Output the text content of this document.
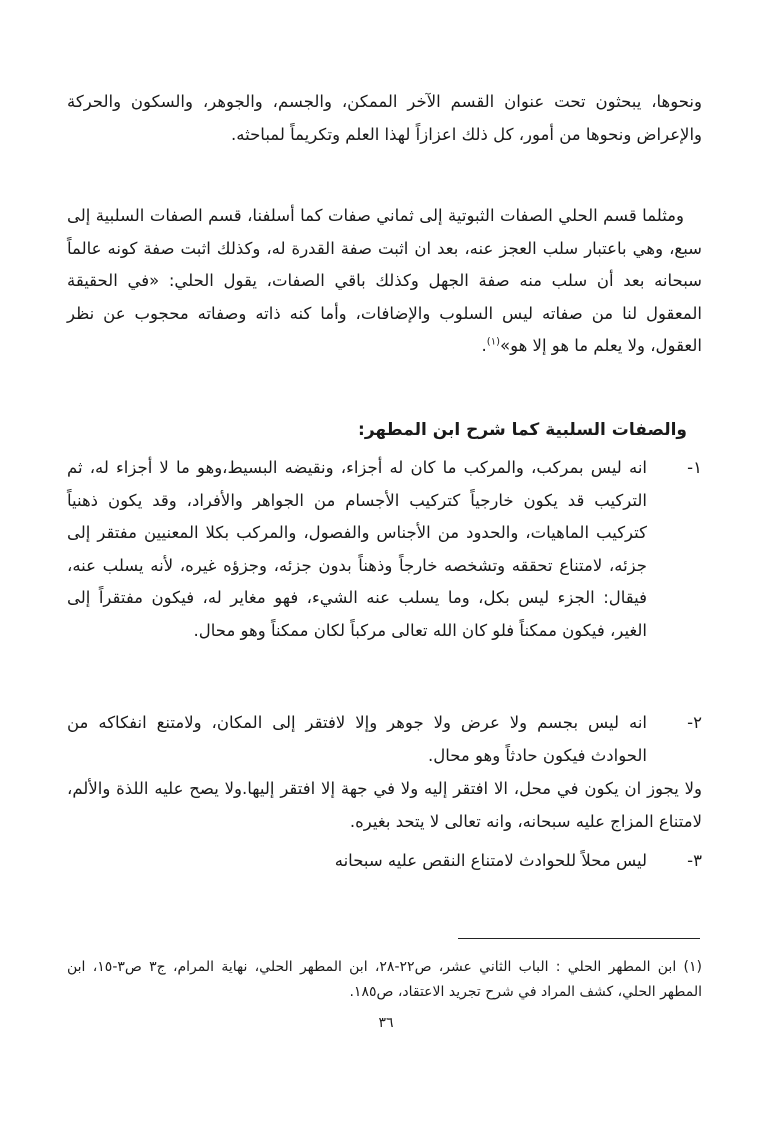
ونحوها، يبحثون تحت عنوان القسم الآخر الممكن، والجسم، والجوهر، والسكون والحركة والإعراض ونحوها من أمور، كل ذلك اعزازاً لهذا العلم وتكريماً لمباحثه.

ومثلما قسم الحلي الصفات الثبوتية إلى ثماني صفات كما أسلفنا، قسم الصفات السلبية إلى سبع، وهي باعتبار سلب العجز عنه، بعد ان اثبت صفة القدرة له، وكذلك اثبت صفة كونه عالماً سبحانه بعد أن سلب منه صفة الجهل وكذلك باقي الصفات، يقول الحلي: «في الحقيقة المعقول لنا من صفاته ليس السلوب والإضافات، وأما كنه ذاته وصفاته محجوب عن نظر العقول، ولا يعلم ما هو إلا هو»$^{(١)}$.

والصفات السلبية كما شرح ابن المطهر:

١-
انه ليس بمركب، والمركب ما كان له أجزاء، ونقيضه البسيط،وهو ما لا أجزاء له، ثم التركيب قد يكون خارجياً كتركيب الأجسام من الجواهر والأفراد، وقد يكون ذهنياً كتركيب الماهيات، والحدود من الأجناس والفصول، والمركب بكلا المعنيين مفتقر إلى جزئه، لامتناع تحققه وتشخصه خارجاً وذهناً بدون جزئه، وجزؤه غيره، لأنه يسلب عنه، فيقال: الجزء ليس بكل، وما يسلب عنه الشيء، فهو مغاير له، فيكون مفتقراً إلى الغير، فيكون ممكناً فلو كان الله تعالى مركباً لكان ممكناً وهو محال.
٢-
انه ليس بجسم ولا عرض ولا جوهر وإلا لافتقر إلى المكان، ولامتنع انفكاكه من الحوادث فيكون حادثاً وهو محال.

ولا يجوز ان يكون في محل، الا افتقر إليه ولا في جهة إلا افتقر إليها.ولا يصح عليه اللذة والألم، لامتناع المزاج عليه سبحانه، وانه تعالى لا يتحد بغيره.

٣-
ليس محلاً للحوادث لامتناع النقص عليه سبحانه

(١) ابن المطهر الحلي : الباب الثاني عشر، ص٢٢-٢٨، ابن المطهر الحلي، نهاية المرام، ج٣ ص٣-١٥، ابن المطهر الحلي، كشف المراد في شرح تجريد الاعتقاد، ص١٨٥.

٣٦
